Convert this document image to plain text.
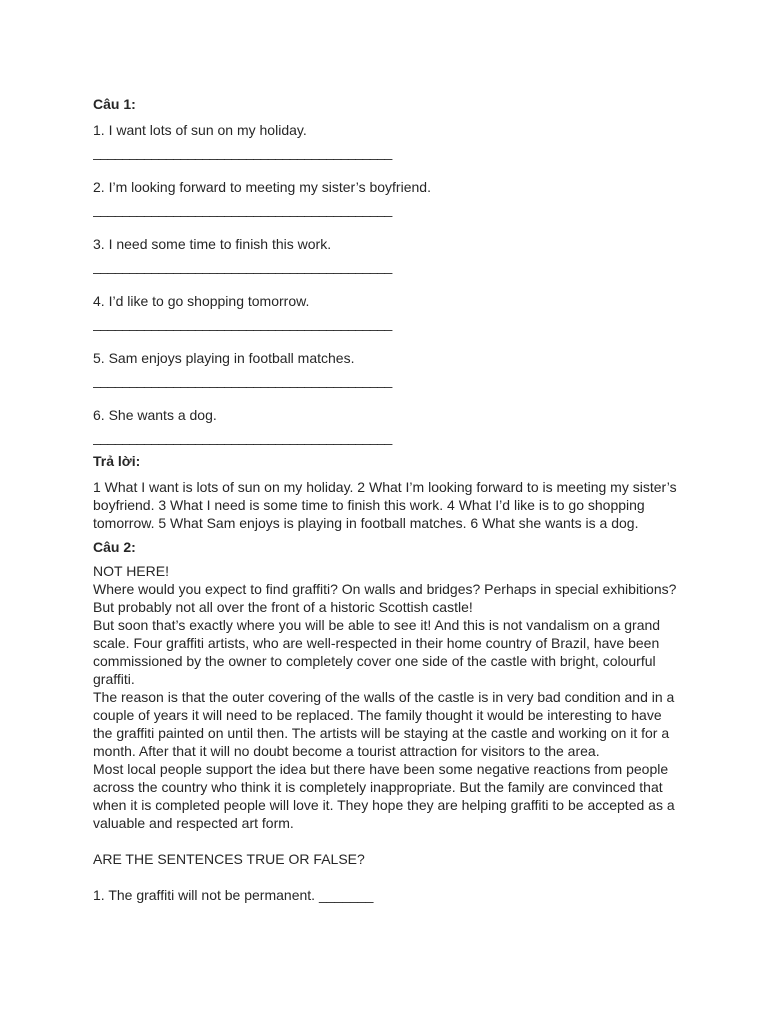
Câu 1:
1. I want lots of sun on my holiday.
_________________________________________
2. I’m looking forward to meeting my sister’s boyfriend.
_________________________________________
3. I need some time to finish this work.
_________________________________________
4. I’d like to go shopping tomorrow.
_________________________________________
5. Sam enjoys playing in football matches.
_________________________________________
6. She wants a dog.
_________________________________________
Trả lời:
1 What I want is lots of sun on my holiday. 2 What I’m looking forward to is meeting my sister’s boyfriend. 3 What I need is some time to finish this work. 4 What I’d like is to go shopping tomorrow. 5 What Sam enjoys is playing in football matches. 6 What she wants is a dog.
Câu 2:

NOT HERE!

Where would you expect to find graffiti? On walls and bridges? Perhaps in special exhibitions? But probably not all over the front of a historic Scottish castle!

But soon that’s exactly where you will be able to see it! And this is not vandalism on a grand scale. Four graffiti artists, who are well-respected in their home country of Brazil, have been commissioned by the owner to completely cover one side of the castle with bright, colourful graffiti.

The reason is that the outer covering of the walls of the castle is in very bad condition and in a couple of years it will need to be replaced. The family thought it would be interesting to have the graffiti painted on until then. The artists will be staying at the castle and working on it for a month. After that it will no doubt become a tourist attraction for visitors to the area.

Most local people support the idea but there have been some negative reactions from people across the country who think it is completely inappropriate. But the family are convinced that when it is completed people will love it. They hope they are helping graffiti to be accepted as a valuable and respected art form.

ARE THE SENTENCES TRUE OR FALSE?
1. The graffiti will not be permanent. _______
